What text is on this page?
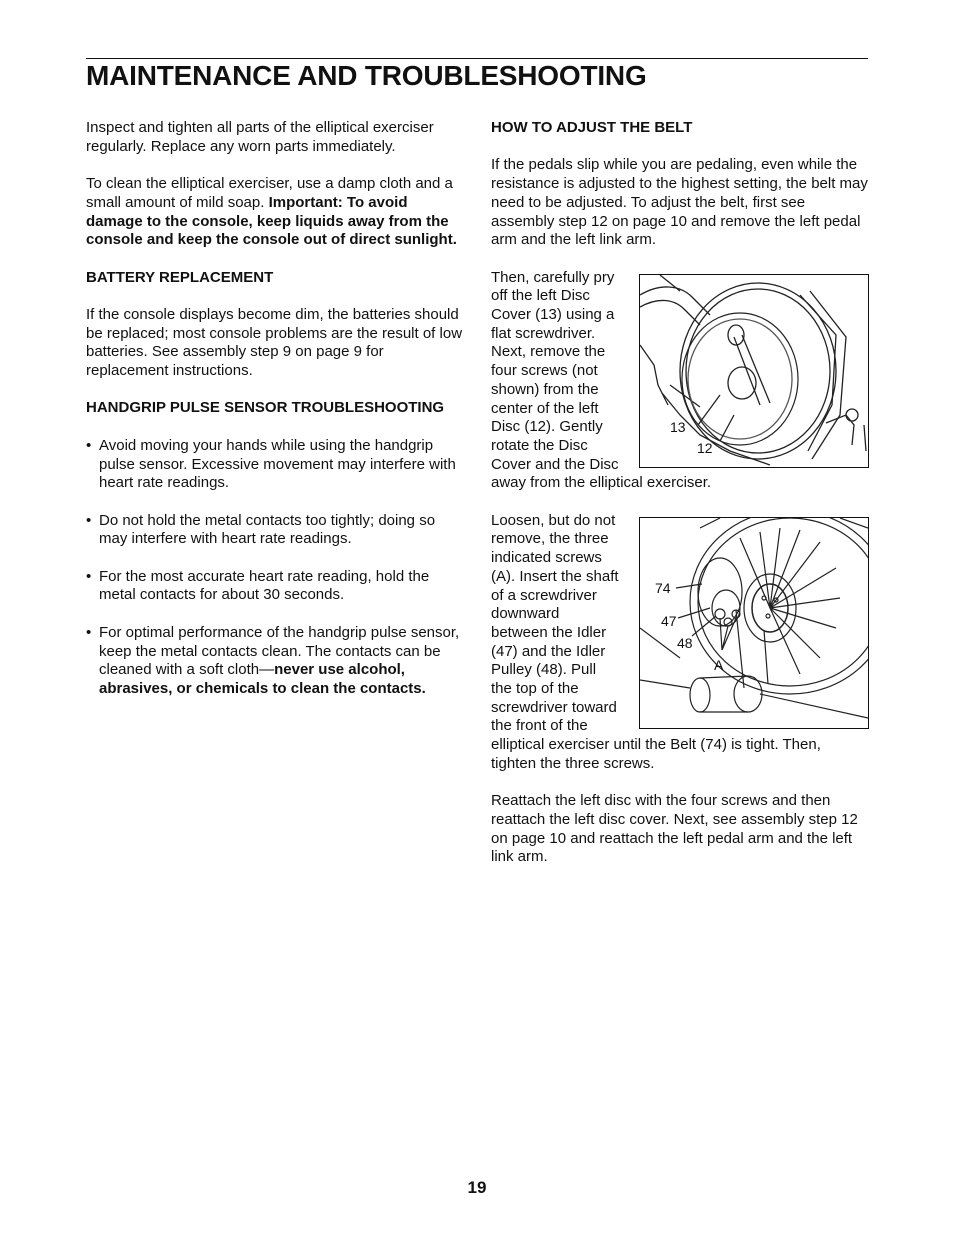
MAINTENANCE AND TROUBLESHOOTING

Inspect and tighten all parts of the elliptical exerciser regularly. Replace any worn parts immediately.

To clean the elliptical exerciser, use a damp cloth and a small amount of mild soap. Important: To avoid damage to the console, keep liquids away from the console and keep the console out of direct sunlight.

BATTERY REPLACEMENT

If the console displays become dim, the batteries should be replaced; most console problems are the result of low batteries. See assembly step 9 on page 9 for replacement instructions.

HANDGRIP PULSE SENSOR TROUBLESHOOTING
• Avoid moving your hands while using the handgrip pulse sensor. Excessive movement may interfere with heart rate readings.
• Do not hold the metal contacts too tightly; doing so may interfere with heart rate readings.
• For the most accurate heart rate reading, hold the metal contacts for about 30 seconds.
• For optimal performance of the handgrip pulse sensor, keep the metal contacts clean. The contacts can be cleaned with a soft cloth—never use alcohol, abrasives, or chemicals to clean the contacts.
HOW TO ADJUST THE BELT

If the pedals slip while you are pedaling, even while the resistance is adjusted to the highest setting, the belt may need to be adjusted. To adjust the belt, first see assembly step 12 on page 10 and remove the left pedal arm and the left link arm.

13
12

Then, carefully pry off the left Disc Cover (13) using a flat screwdriver. Next, remove the four screws (not shown) from the center of the left Disc (12). Gently rotate the Disc Cover and the Disc away from the elliptical exerciser.

74
47
48
A

Loosen, but do not remove, the three indicated screws (A). Insert the shaft of a screwdriver downward between the Idler (47) and the Idler Pulley (48). Pull the top of the screwdriver toward the front of the elliptical exerciser until the Belt (74) is tight. Then, tighten the three screws.

Reattach the left disc with the four screws and then reattach the left disc cover. Next, see assembly step 12 on page 10 and reattach the left pedal arm and the left link arm.

19
